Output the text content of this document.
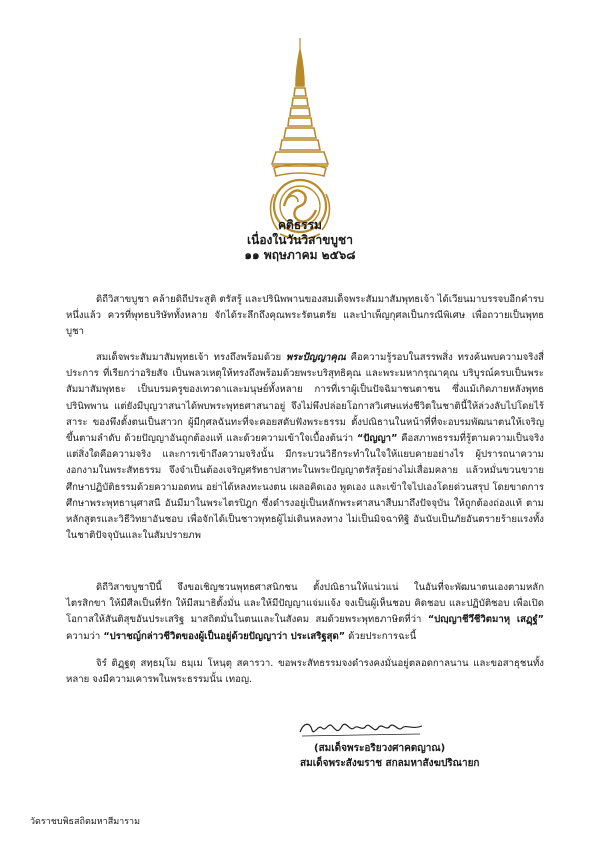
คติธรรม
เนื่องในวันวิสาขบูชา
๑๑ พฤษภาคม ๒๕๖๘
ดิถีวิสาขบูชา คล้ายดิถีประสูติ ตรัสรู้ และปรินิพพานของสมเด็จพระสัมมาสัมพุทธเจ้า ได้เวียนมาบรรจบอีกคำรบหนึ่งแล้ว ควรที่พุทธบริษัททั้งหลาย จักได้ระลึกถึงคุณพระรัตนตรัย และบำเพ็ญกุศลเป็นกรณีพิเศษ เพื่อถวายเป็นพุทธบูชา
สมเด็จพระสัมมาสัมพุทธเจ้า ทรงถึงพร้อมด้วย พระปัญญาคุณ คือความรู้รอบในสรรพสิ่ง ทรงค้นพบความจริงสี่ประการ ที่เรียกว่าอริยสัจ เป็นพลวเหตุให้ทรงถึงพร้อมด้วยพระบริสุทธิคุณ และพระมหากรุณาคุณ บริบูรณ์ครบเป็นพระสัมมาสัมพุทธะ เป็นบรมครูของเทวดาและมนุษย์ทั้งหลาย การที่เราผู้เป็นปัจฉิมาชนตาชน ซึ่งแม้เกิดภายหลังพุทธปรินิพพาน แต่ยังมีบุญวาสนาได้พบพระพุทธศาสนาอยู่ จึงไม่พึงปล่อยโอกาสวิเศษแห่งชีวิตในชาตินี้ให้ล่วงลับไปโดยไร้สาระ ของพึงตั้งตนเป็นสาวก ผู้มีกุศลฉันทะที่จะคอยสดับฟังพระธรรม ตั้งปณิธานในหน้าที่ที่จะอบรมพัฒนาตนให้เจริญขึ้นตามลำดับ ด้วยปัญญาอันถูกต้องแท้ และด้วยความเข้าใจเบื้องต้นว่า “ปัญญา” คือสภาพธรรมที่รู้ตามความเป็นจริง แต่สิ่งใดคือความจริง และการเข้าถึงความจริงนั้น มีกระบวนวิธีกระทำในใจให้แยบคายอย่างไร ผู้ปรารถนาความงอกงามในพระสัทธรรม จึงจำเป็นต้องเจริญศรัทธาปสาทะในพระปัญญาตรัสรู้อย่างไม่เสื่อมคลาย แล้วหมั่นขวนขวายศึกษาปฏิบัติธรรมด้วยความอดทน อย่าได้หลงทะนงตน เผลอคิดเอง พูดเอง และเข้าใจไปเองโดยด่วนสรุป โดยขาดการศึกษาพระพุทธานุศาสนี อันมีมาในพระไตรปิฎก ซึ่งดำรงอยู่เป็นหลักพระศาสนาสืบมาถึงปัจจุบัน ให้ถูกต้องถ่องแท้ ตามหลักสูตรและวิธีวิทยาอันชอบ เพื่อจักได้เป็นชาวพุทธผู้ไม่เดินหลงทาง ไม่เป็นมิจฉาทิฐิ อันนับเป็นภัยอันตรายร้ายแรงทั้งในชาติปัจจุบันและในสัมปรายภพ
ดิถีวิสาขบูชาปีนี้ จึงขอเชิญชวนพุทธศาสนิกชน ตั้งปณิธานให้แน่วแน่ ในอันที่จะพัฒนาตนเองตามหลักไตรสิกขา ให้มีศีลเป็นที่รัก ให้มีสมาธิตั้งมั่น และให้มีปัญญาแจ่มแจ้ง จงเป็นผู้เห็นชอบ คิดชอบ และปฏิบัติชอบ เพื่อเปิดโอกาสให้สันติสุขอันประเสริฐ มาสถิตมั่นในตนและในสังคม สมด้วยพระพุทธภาษิตที่ว่า “ปญฺญาชีวึชีวิตมาหุ เสฏฺฐํ” ความว่า “ปราชญ์กล่าวชีวิตของผู้เป็นอยู่ด้วยปัญญาว่า ประเสริฐสุด” ด้วยประการฉะนี้
จิรํ ติฏฺฐตุ สทฺธมฺโม ธมฺเม โหนฺตุ สคารวา. ขอพระสัทธรรมจงดำรงคงมั่นอยู่ตลอดกาลนาน และขอสาธุชนทั้งหลาย จงมีความเคารพในพระธรรมนั้น เทอญ.
(สมเด็จพระอริยวงศาคตญาณ)
สมเด็จพระสังฆราช สกลมหาสังฆปริณายก
วัดราชบพิธสถิตมหาสีมาราม
